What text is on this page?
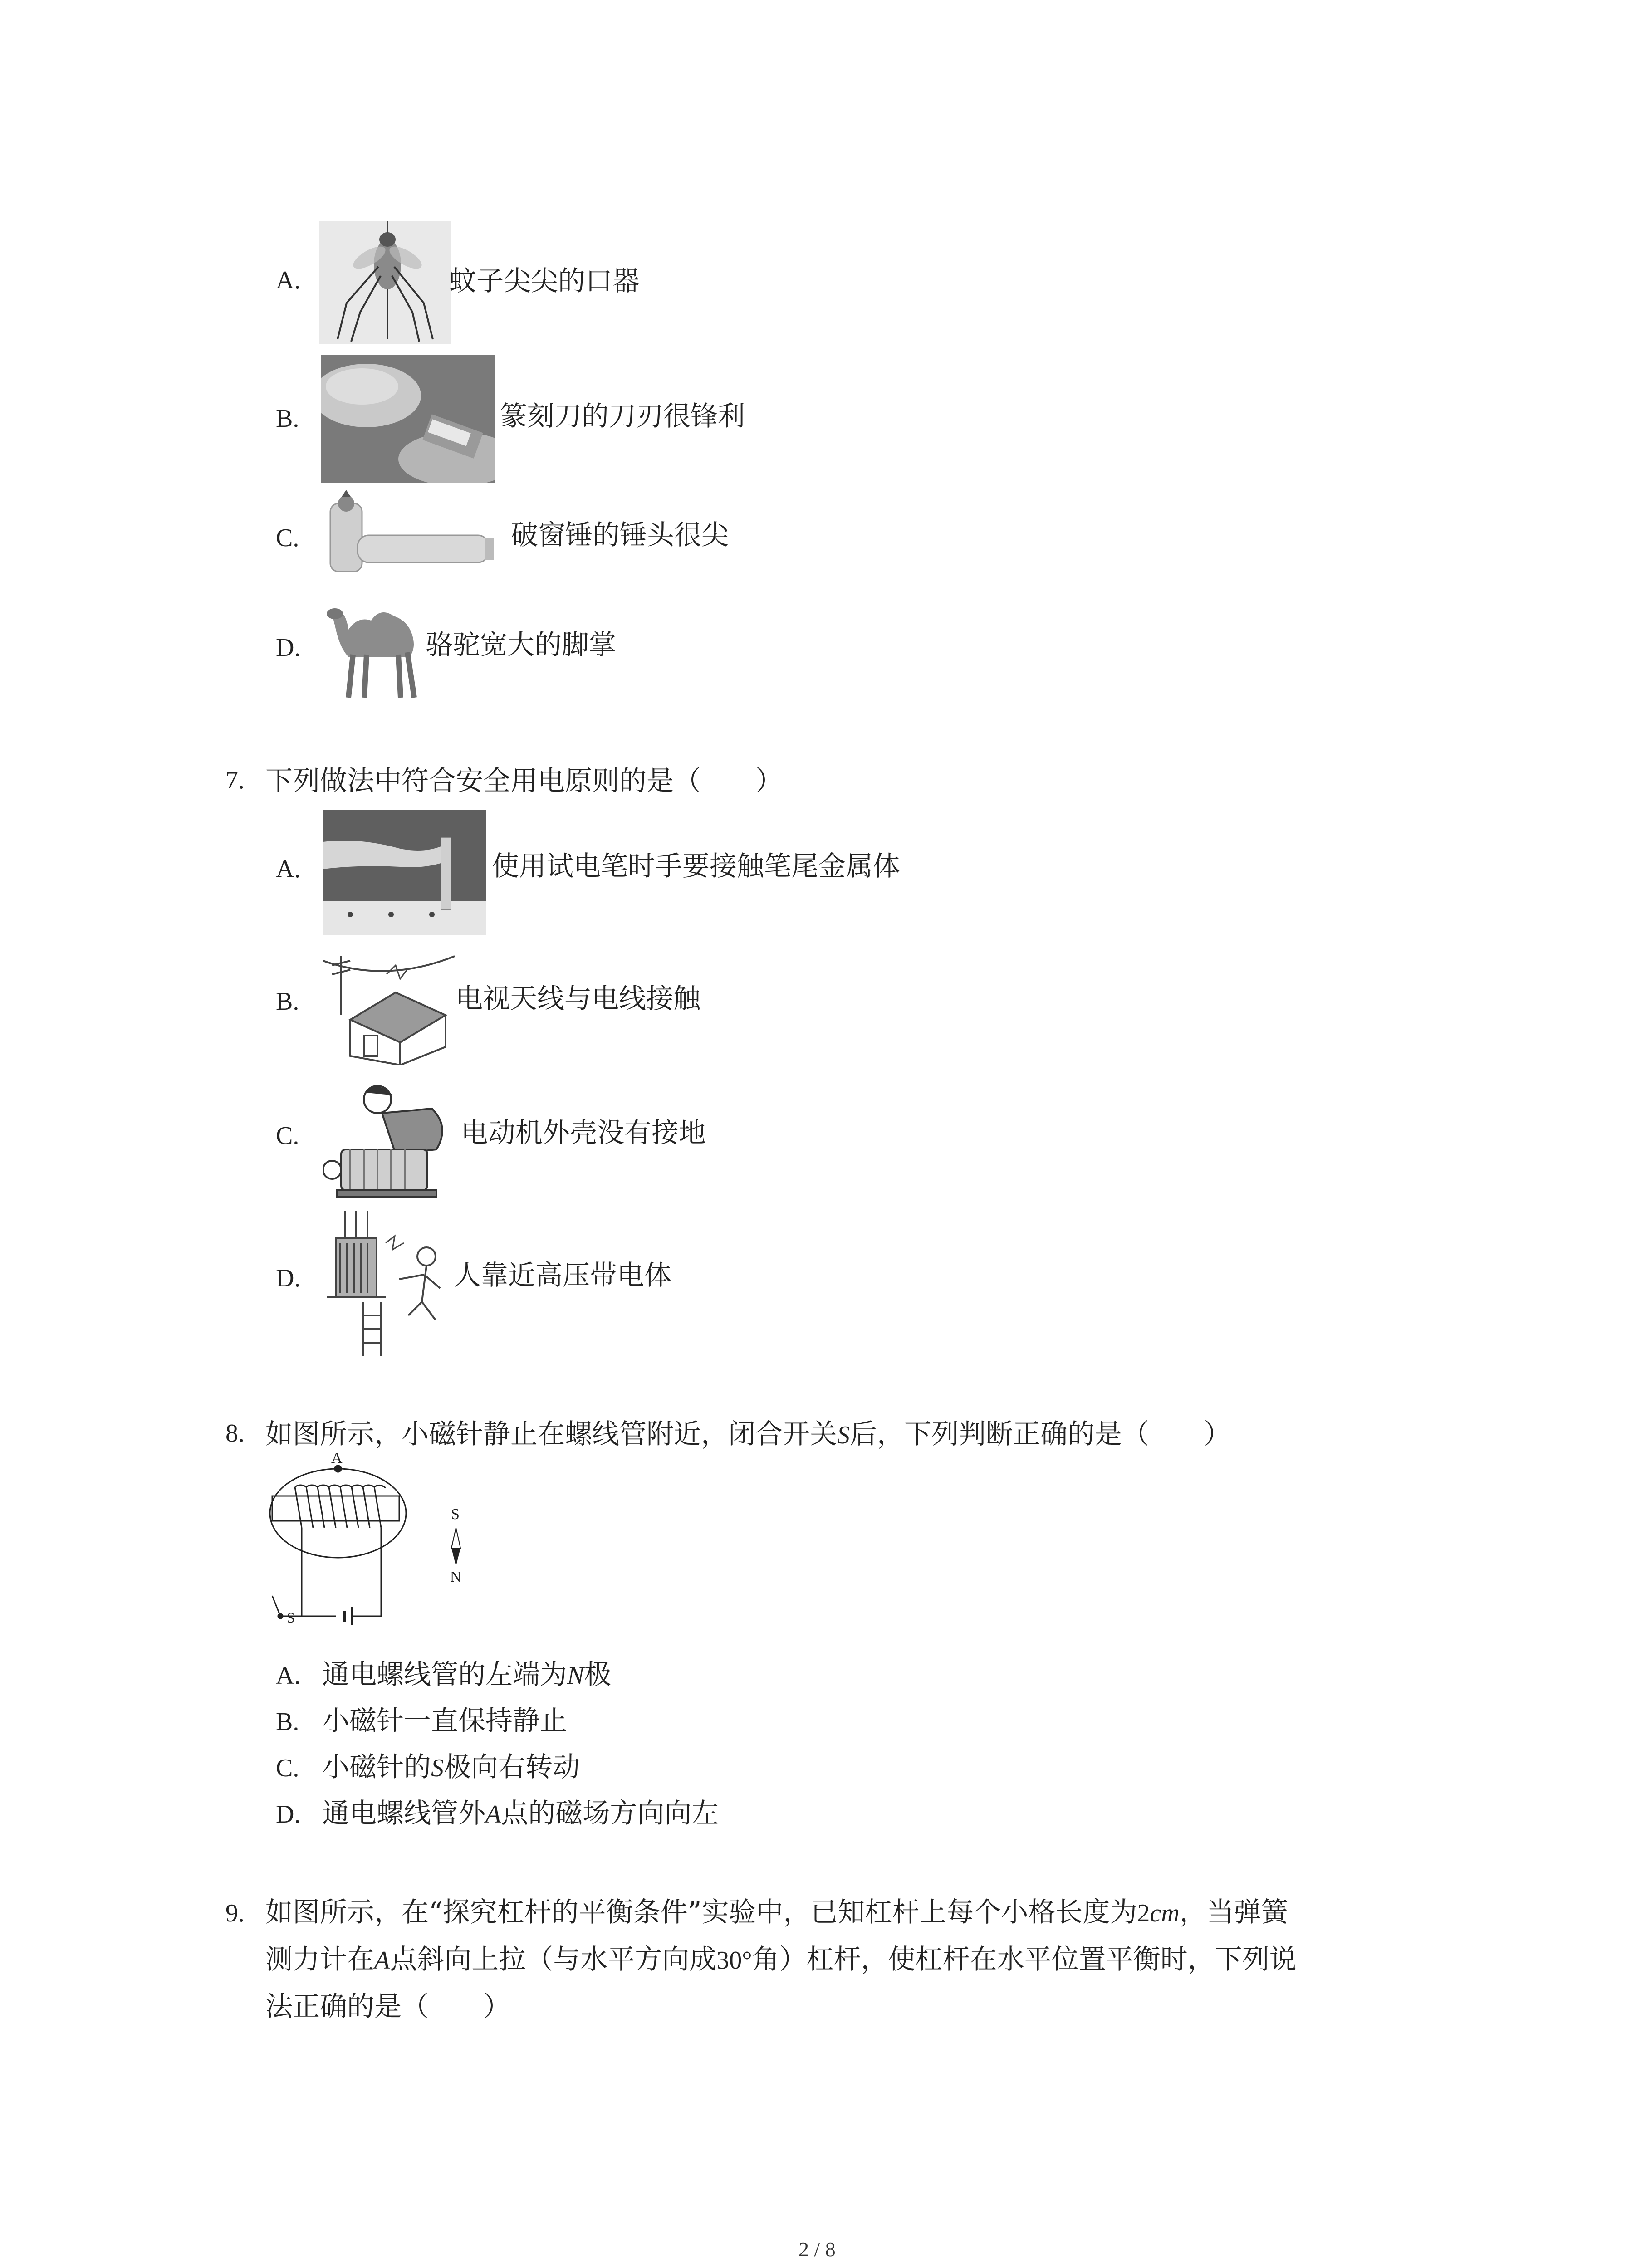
A.	蚊子尖尖的口器
B.	篆刻刀的刀刃很锋利
C.	破窗锤的锤头很尖
D.	骆驼宽大的脚掌
7. 下列做法中符合安全用电原则的是（　　）
A.	使用试电笔时手要接触笔尾金属体
B.	电视天线与电线接触
C.	电动机外壳没有接地
D.	人靠近高压带电体
8. 如图所示，小磁针静止在螺线管附近，闭合开关S后，下列判断正确的是（　　）
A
S
N
S
A. 通电螺线管的左端为N极
B. 小磁针一直保持静止
C. 小磁针的S极向右转动
D. 通电螺线管外A点的磁场方向向左
9. 如图所示，在“探究杠杆的平衡条件”实验中，已知杠杆上每个小格长度为2cm，当弹簧
测力计在A点斜向上拉（与水平方向成30°角）杠杆，使杠杆在水平位置平衡时，下列说
法正确的是（　　）
2 / 8
